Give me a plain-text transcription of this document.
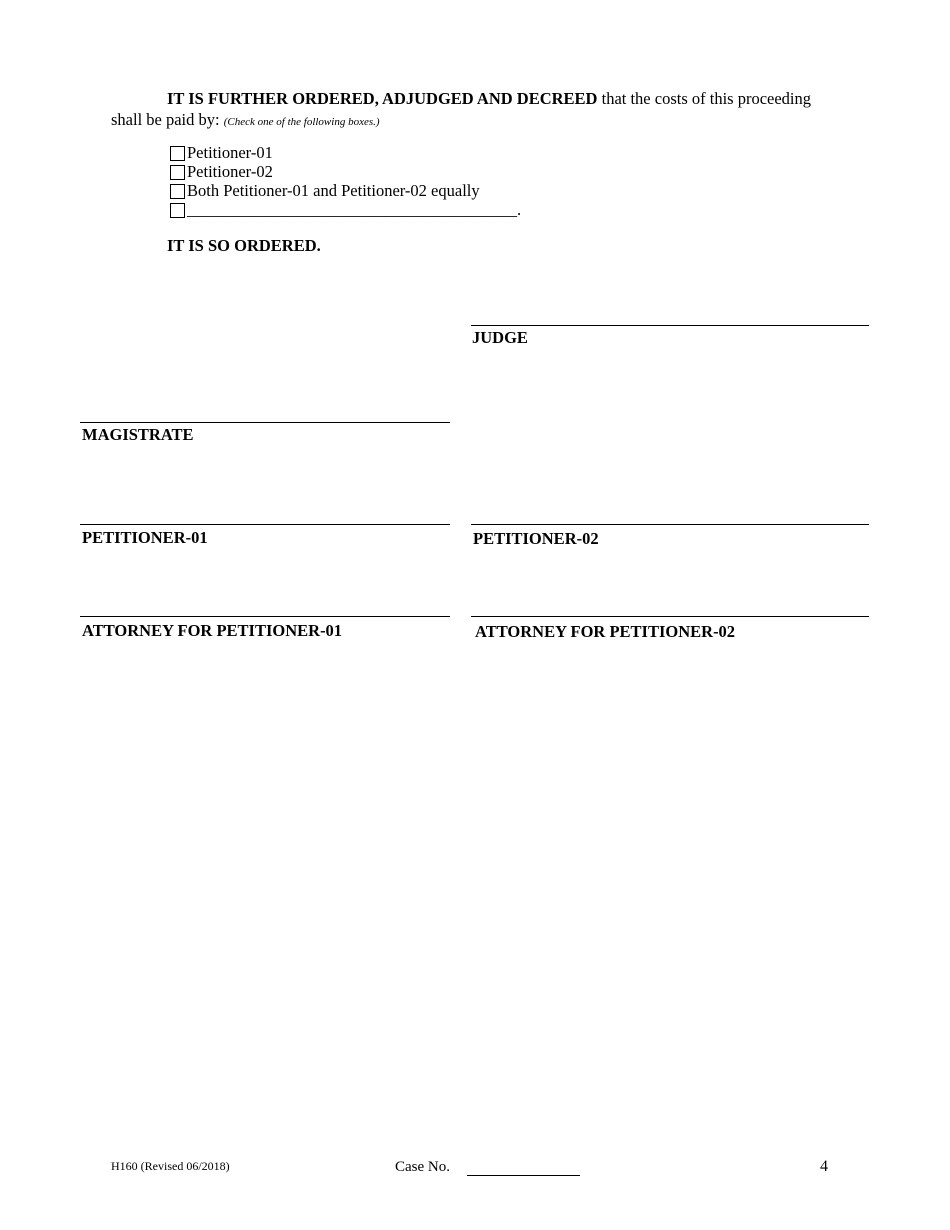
IT IS FURTHER ORDERED, ADJUDGED AND DECREED that the costs of this proceeding
shall be paid by: (Check one of the following boxes.)
Petitioner-01
Petitioner-02
Both Petitioner-01 and Petitioner-02 equally
________________________________________.
IT IS SO ORDERED.
JUDGE
MAGISTRATE
PETITIONER-01	PETITIONER-02
ATTORNEY FOR PETITIONER-01	ATTORNEY FOR PETITIONER-02
H160 (Revised 06/2018)	Case No.	4
